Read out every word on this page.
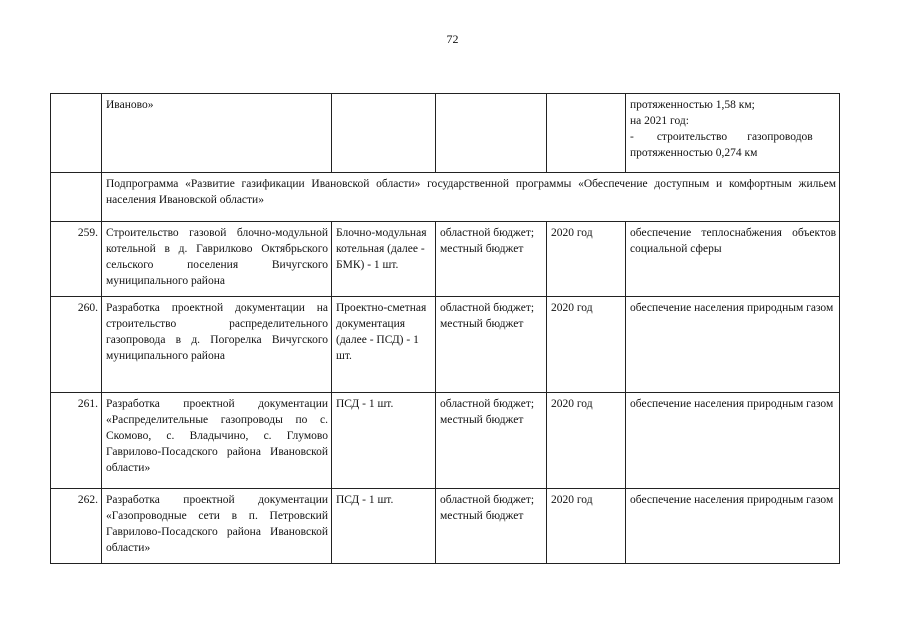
72
	Иваново»				протяженностью 1,58 км;
на 2021 год:
-        строительство       газопроводов
протяженностью 0,274 км

	Подпрограмма «Развитие газификации Ивановской области» государственной программы «Обеспечение доступным и комфортным жильем населения Ивановской области»				
259.	Строительство газовой блочно-модульной котельной в д. Гаврилково Октябрьского сельского поселения Вичугского муниципального района	Блочно-модульная котельная (далее - БМК) - 1 шт.	областной бюджет; местный бюджет	2020 год	обеспечение теплоснабжения объектов социальной сферы
260.	Разработка проектной документации на строительство распределительного газопровода в д. Погорелка Вичугского муниципального района	Проектно-сметная документация (далее - ПСД) - 1 шт.	областной бюджет; местный бюджет	2020 год	обеспечение населения природным газом
261.	Разработка проектной документации «Распределительные газопроводы по с. Скомово, с. Владычино, с. Глумово Гаврилово-Посадского района Ивановской области»	ПСД - 1 шт.	областной бюджет; местный бюджет	2020 год	обеспечение населения природным газом
262.	Разработка проектной документации «Газопроводные сети в п. Петровский Гаврилово-Посадского района Ивановской области»	ПСД - 1 шт.	областной бюджет; местный бюджет	2020 год	обеспечение населения природным газом
